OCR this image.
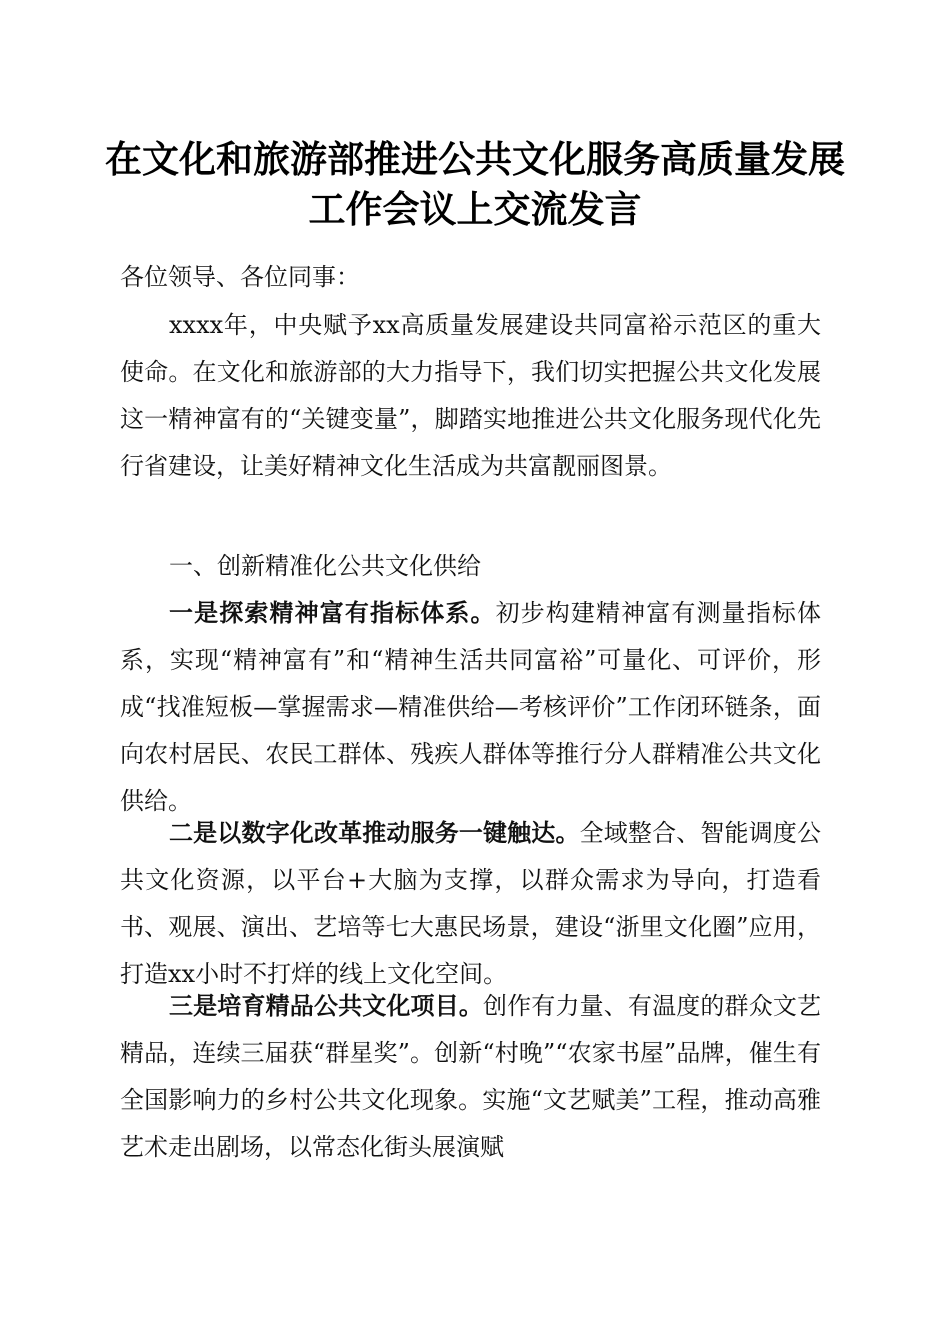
在文化和旅游部推进公共文化服务高质量发展
工作会议上交流发言
各位领导、各位同事：
xxxx年，中央赋予xx高质量发展建设共同富裕示范区的重大使命。在文化和旅游部的大力指导下，我们切实把握公共文化发展这一精神富有的“关键变量”，脚踏实地推进公共文化服务现代化先行省建设，让美好精神文化生活成为共富靓丽图景。
一、创新精准化公共文化供给
一是探索精神富有指标体系。初步构建精神富有测量指标体系，实现“精神富有”和“精神生活共同富裕”可量化、可评价，形成“找准短板—掌握需求—精准供给—考核评价”工作闭环链条，面向农村居民、农民工群体、残疾人群体等推行分人群精准公共文化供给。
二是以数字化改革推动服务一键触达。全域整合、智能调度公共文化资源，以平台+大脑为支撑，以群众需求为导向，打造看书、观展、演出、艺培等七大惠民场景，建设“浙里文化圈”应用，打造xx小时不打烊的线上文化空间。
三是培育精品公共文化项目。创作有力量、有温度的群众文艺精品，连续三届获“群星奖”。创新“村晚”“农家书屋”品牌，催生有全国影响力的乡村公共文化现象。实施“文艺赋美”工程，推动高雅艺术走出剧场，以常态化街头展演赋
